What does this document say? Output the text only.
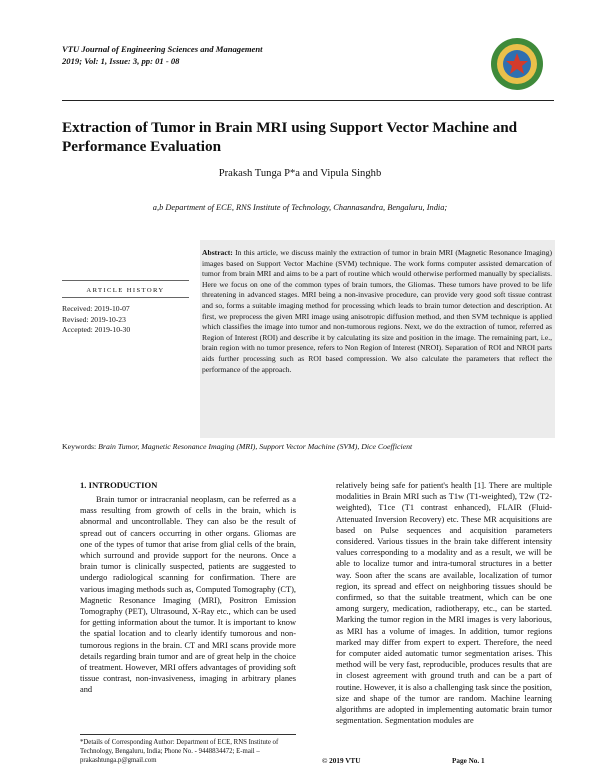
VTU Journal of Engineering Sciences and Management
2019; Vol: 1, Issue: 3, pp: 01 - 08
Extraction of Tumor in Brain MRI using Support Vector Machine and Performance Evaluation
Prakash Tunga P*a and Vipula Singhb
a,b Department of ECE, RNS Institute of Technology, Channasandra, Bengaluru, India;
Abstract: In this article, we discuss mainly the extraction of tumor in brain MRI (Magnetic Resonance Imaging) images based on Support Vector Machine (SVM) technique. The work forms computer assisted demarcation of tumor from brain MRI and aims to be a part of routine which would otherwise performed manually by specialists. Here we focus on one of the common types of brain tumors, the Gliomas. These tumors have proved to be life threatening in advanced stages. MRI being a non-invasive procedure, can provide very good soft tissue contrast and so, forms a suitable imaging method for processing which leads to brain tumor detection and description. At first, we preprocess the given MRI image using anisotropic diffusion method, and then SVM technique is applied which classifies the image into tumor and non-tumorous regions. Next, we do the extraction of tumor, referred as Region of Interest (ROI) and describe it by calculating its size and position in the image. The remaining part, i.e., brain region with no tumor presence, refers to Non Region of Interest (NROI). Separation of ROI and NROI parts aids further processing such as ROI based compression. We also calculate the parameters that reflect the performance of the approach.
ARTICLE HISTORY
Received: 2019-10-07
Revised: 2019-10-23
Accepted: 2019-10-30
Keywords: Brain Tumor, Magnetic Resonance Imaging (MRI), Support Vector Machine (SVM), Dice Coefficient
1. INTRODUCTION

Brain tumor or intracranial neoplasm, can be referred as a mass resulting from growth of cells in the brain, which is abnormal and uncontrollable. They can also be the result of spread out of cancers occurring in other organs. Gliomas are one of the types of tumor that arise from glial cells of the brain, which surround and provide support for the neurons. Once a brain tumor is clinically suspected, patients are suggested to undergo radiological scanning for confirmation. There are various imaging methods such as, Computed Tomography (CT), Magnetic Resonance Imaging (MRI), Positron Emission Tomography (PET), Ultrasound, X-Ray etc., which can be used for getting information about the tumor. It is important to know the spatial location and to clearly identify tumorous and non-tumorous regions in the brain. CT and MRI scans provide more details regarding brain tumor and are of great help in the choice of treatment. However, MRI offers advantages of providing soft tissue contrast, non-invasiveness, imaging in arbitrary planes and

relatively being safe for patient's health [1]. There are multiple modalities in Brain MRI such as T1w (T1-weighted), T2w (T2-weighted), T1ce (T1 contrast enhanced), FLAIR (Fluid-Attenuated Inversion Recovery) etc. These MR acquisitions are based on Pulse sequences and acquisition parameters considered. Various tissues in the brain take different intensity values corresponding to a modality and as a result, we will be able to localize tumor and intra-tumoral structures in a better way. Soon after the scans are available, localization of tumor region, its spread and effect on neighboring tissues should be confirmed, so that the suitable treatment, which can be one among surgery, medication, radiotherapy, etc., can be started. Marking the tumor region in the MRI images is very laborious, as MRI has a volume of images. In addition, tumor regions marked may differ from expert to expert. Therefore, the need for computer aided automatic tumor segmentation arises. This method will be very fast, reproducible, produces results that are in closest agreement with ground truth and can be a part of routine. However, it is also a challenging task since the position, size and shape of the tumor are random. Machine learning algorithms are adopted in implementing automatic brain tumor segmentation. Segmentation modules are

*Details of Corresponding Author: Department of ECE, RNS Institute of Technology, Bengaluru, India; Phone No. - 9448834472; E-mail – prakashtunga.p@gmail.com	© 2019 VTU	Page No. 1
